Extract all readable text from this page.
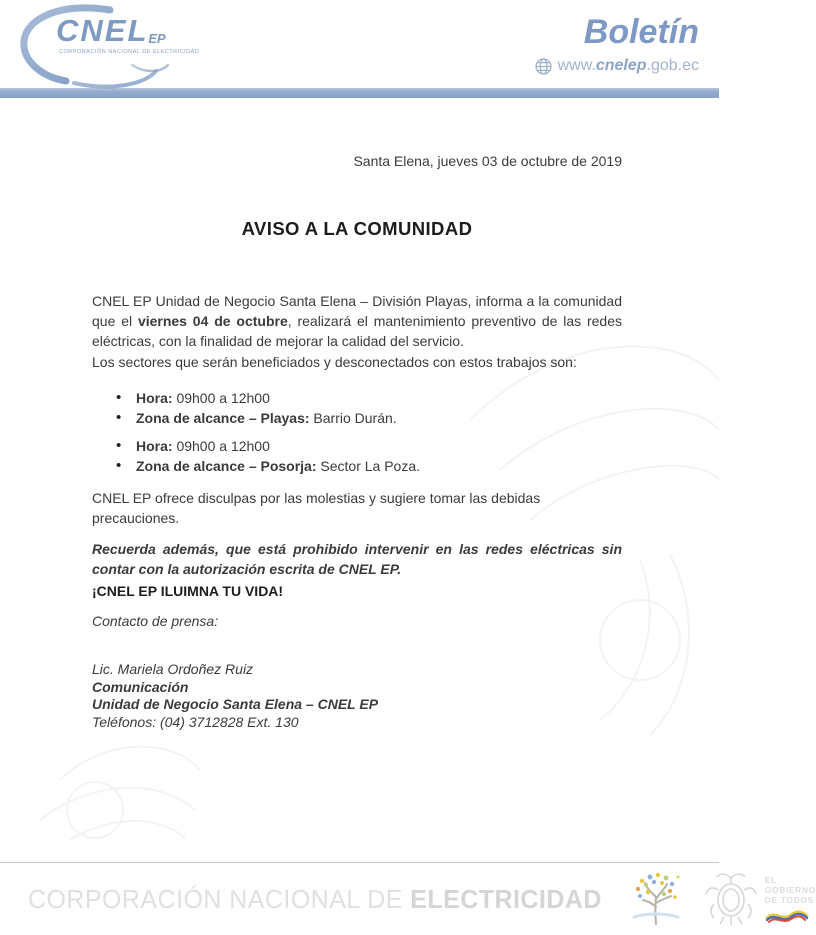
CNELEP
CORPORACIÓN NACIONAL DE ELECTRICIDAD
Boletín
www.cnelep.gob.ec

Santa Elena, jueves 03 de octubre de 2019

AVISO A LA COMUNIDAD

CNEL EP Unidad de Negocio Santa Elena – División Playas, informa a la comunidad que el viernes 04 de octubre, realizará el mantenimiento preventivo de las redes eléctricas, con la finalidad de mejorar la calidad del servicio.

Los sectores que serán beneficiados y desconectados con estos trabajos son:

• Hora: 09h00 a 12h00
• Zona de alcance – Playas: Barrio Durán.
• Hora: 09h00 a 12h00
• Zona de alcance – Posorja: Sector La Poza.

CNEL EP ofrece disculpas por las molestias y sugiere tomar las debidas precauciones.

Recuerda además, que está prohibido intervenir en las redes eléctricas sin contar con la autorización escrita de CNEL EP.

¡CNEL EP ILUIMNA TU VIDA!

Contacto de prensa:

Lic. Mariela Ordoñez Ruiz

Comunicación

Unidad de Negocio Santa Elena – CNEL EP

Teléfonos: (04) 3712828 Ext. 130

CORPORACIÓN NACIONAL DE ELECTRICIDAD
EL
GOBIERNO
DE TODOS
